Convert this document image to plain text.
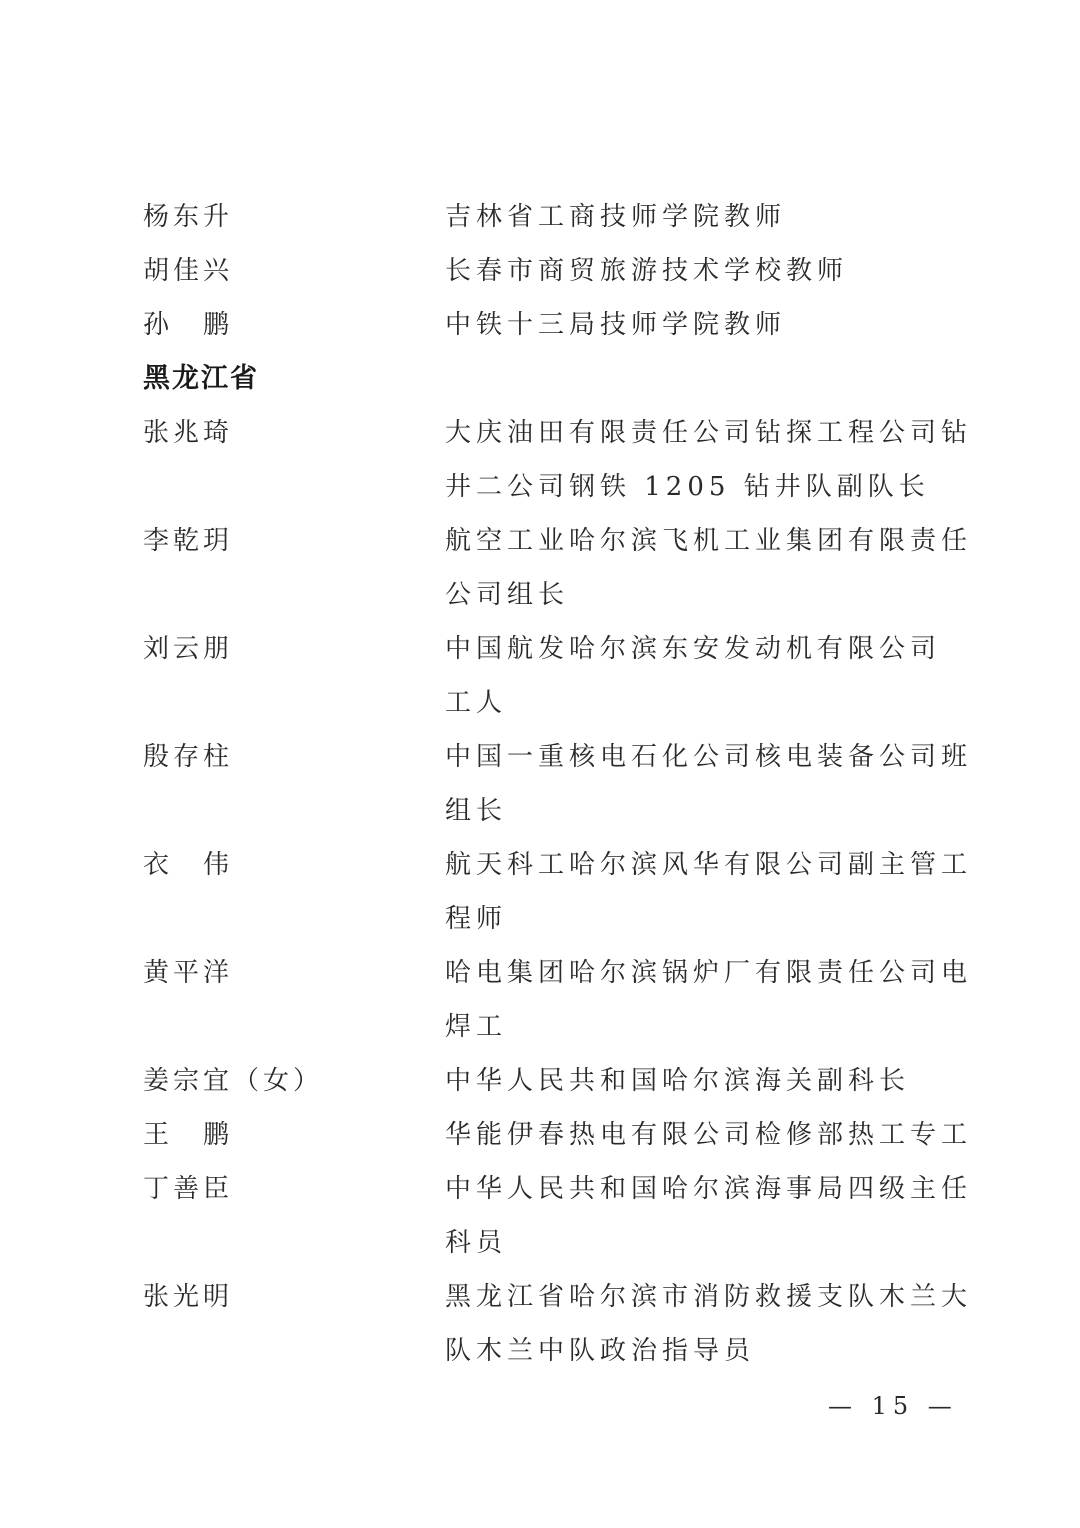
杨东升	吉林省工商技师学院教师
胡佳兴	长春市商贸旅游技术学校教师
孙　鹏	中铁十三局技师学院教师
黑龙江省
张兆琦	大庆油田有限责任公司钻探工程公司钻
井二公司钢铁 1205 钻井队副队长
李乾玥	航空工业哈尔滨飞机工业集团有限责任
公司组长
刘云朋	中国航发哈尔滨东安发动机有限公司
工人
殷存柱	中国一重核电石化公司核电装备公司班
组长
衣　伟	航天科工哈尔滨风华有限公司副主管工
程师
黄平洋	哈电集团哈尔滨锅炉厂有限责任公司电
焊工
姜宗宜（女）	中华人民共和国哈尔滨海关副科长
王　鹏	华能伊春热电有限公司检修部热工专工
丁善臣	中华人民共和国哈尔滨海事局四级主任
科员
张光明	黑龙江省哈尔滨市消防救援支队木兰大
队木兰中队政治指导员
— 15 —
